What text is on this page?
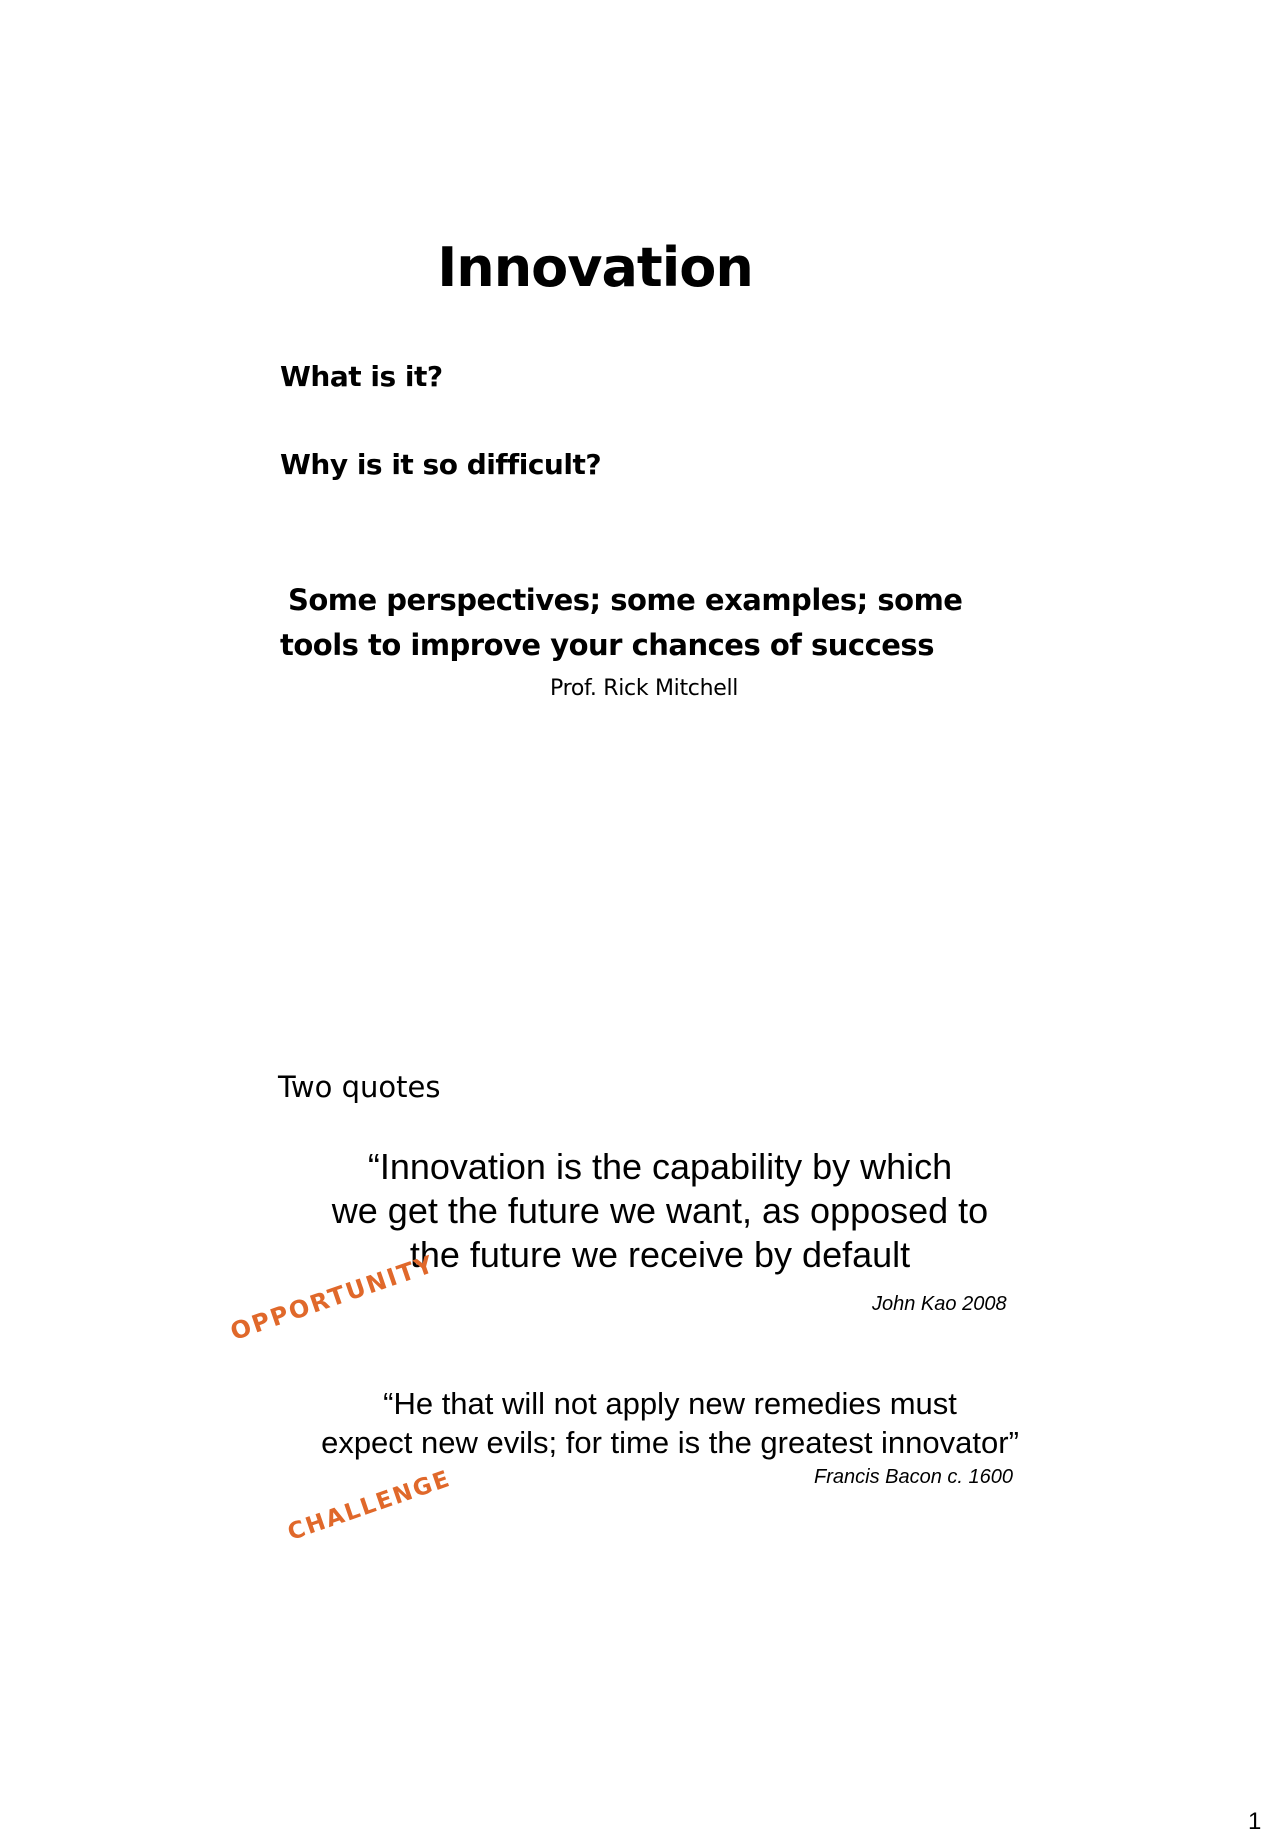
Innovation
What is it?
Why is it so difficult?
Some perspectives; some examples; some
tools to improve your chances of success
Prof. Rick Mitchell
Two quotes
“Innovation is the capability by which
we get the future we want, as opposed to
the future we receive by default
John Kao 2008
OPPORTUNITY
“He that will not apply new remedies must
expect new evils; for time is the greatest innovator”
Francis Bacon c. 1600
CHALLENGE
1
